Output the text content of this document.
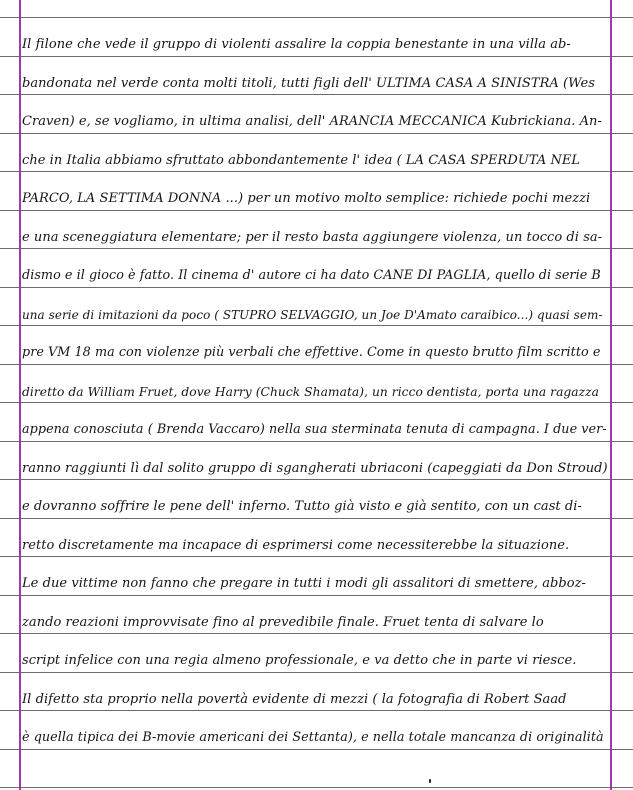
Il filone che vede il gruppo di violenti assalire la coppia benestante in una villa ab-
bandonata nel verde conta molti titoli, tutti figli dell' ULTIMA CASA A SINISTRA (Wes
Craven) e, se vogliamo, in ultima analisi, dell' ARANCIA MECCANICA Kubrickiana. An-
che in Italia abbiamo sfruttato abbondantemente l' idea ( LA CASA SPERDUTA NEL
PARCO, LA SETTIMA DONNA ...) per un motivo molto semplice: richiede pochi mezzi
e una sceneggiatura elementare; per il resto basta aggiungere violenza, un tocco di sa-
dismo e il gioco è fatto. Il cinema d' autore ci ha dato CANE DI PAGLIA, quello di serie B
una serie di imitazioni da poco ( STUPRO SELVAGGIO, un Joe D'Amato caraibico...) quasi sem-
pre VM 18 ma con violenze più verbali che effettive. Come in questo brutto film scritto e
diretto da William Fruet, dove Harry (Chuck Shamata), un ricco dentista, porta una ragazza
appena conosciuta ( Brenda Vaccaro) nella sua sterminata tenuta di campagna. I due ver-
ranno raggiunti lì dal solito gruppo di sgangherati ubriaconi (capeggiati da Don Stroud)
e dovranno soffrire le pene dell' inferno. Tutto già visto e già sentito, con un cast di-
retto discretamente ma incapace di esprimersi come necessiterebbe la situazione.
Le due vittime non fanno che pregare in tutti i modi gli assalitori di smettere, abboz-
zando reazioni improvvisate fino al prevedibile finale. Fruet tenta di salvare lo
script infelice con una regia almeno professionale, e va detto che in parte vi riesce.
Il difetto sta proprio nella povertà evidente di mezzi ( la fotografia di Robert Saad
è quella tipica dei B-movie americani dei Settanta), e nella totale mancanza di originalità
